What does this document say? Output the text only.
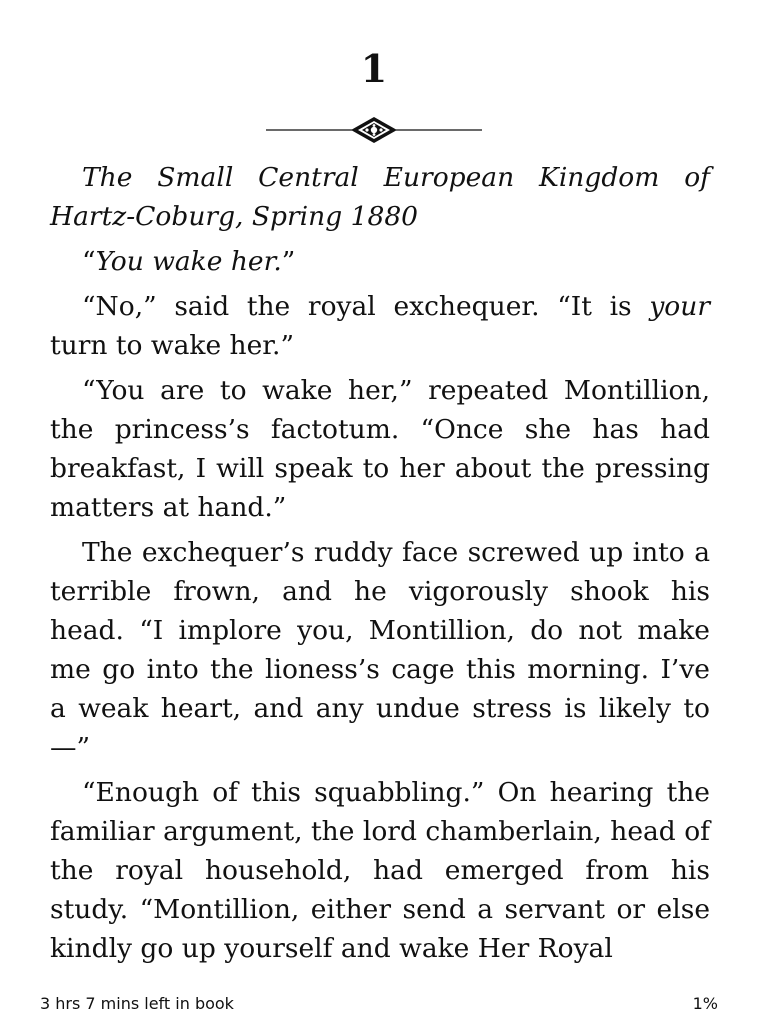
1

The Small Central European Kingdom of Hartz-Coburg, Spring 1880

“You wake her.”

“No,” said the royal exchequer. “It is your turn to wake her.”

“You are to wake her,” repeated Montillion, the princess’s factotum. “Once she has had breakfast, I will speak to her about the pressing matters at hand.”

The exchequer’s ruddy face screwed up into a terrible frown, and he vigorously shook his head. “I implore you, Montillion, do not make me go into the lioness’s cage this morning. I’ve a weak heart, and any undue stress is likely to—”

“Enough of this squabbling.” On hearing the familiar argument, the lord chamberlain, head of the royal household, had emerged from his study. “Montillion, either send a servant or else kindly go up yourself and wake Her Royal

3 hrs 7 mins left in book	1%
